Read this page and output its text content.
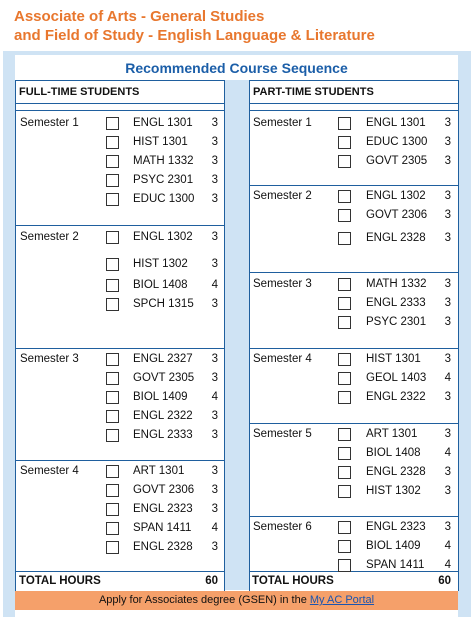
Associate of Arts - General Studies
and Field of Study - English Language & Literature
Recommended Course Sequence
FULL-TIME STUDENTS	PART-TIME STUDENTS
Semester 1	ENGL 1301	3
HIST 1301	3
MATH 1332	3
PSYC 2301	3
EDUC 1300	3
Semester 2	ENGL 1302	3
HIST 1302	3
BIOL 1408	4
SPCH 1315	3
Semester 3	ENGL 2327	3
GOVT 2305	3
BIOL 1409	4
ENGL 2322	3
ENGL 2333	3
Semester 4	ART 1301	3
GOVT 2306	3
ENGL 2323	3
SPAN 1411	4
ENGL 2328	3
TOTAL HOURS	60
Semester 1	ENGL 1301	3
EDUC 1300	3
GOVT 2305	3
Semester 2	ENGL 1302	3
GOVT 2306	3
ENGL 2328	3
Semester 3	MATH 1332	3
ENGL 2333	3
PSYC 2301	3
Semester 4	HIST 1301	3
GEOL 1403	4
ENGL 2322	3
Semester 5	ART 1301	3
BIOL 1408	4
ENGL 2328	3
HIST 1302	3
Semester 6	ENGL 2323	3
BIOL 1409	4
SPAN 1411	4
TOTAL HOURS	60
Apply for Associates degree (GSEN) in the My AC Portal
